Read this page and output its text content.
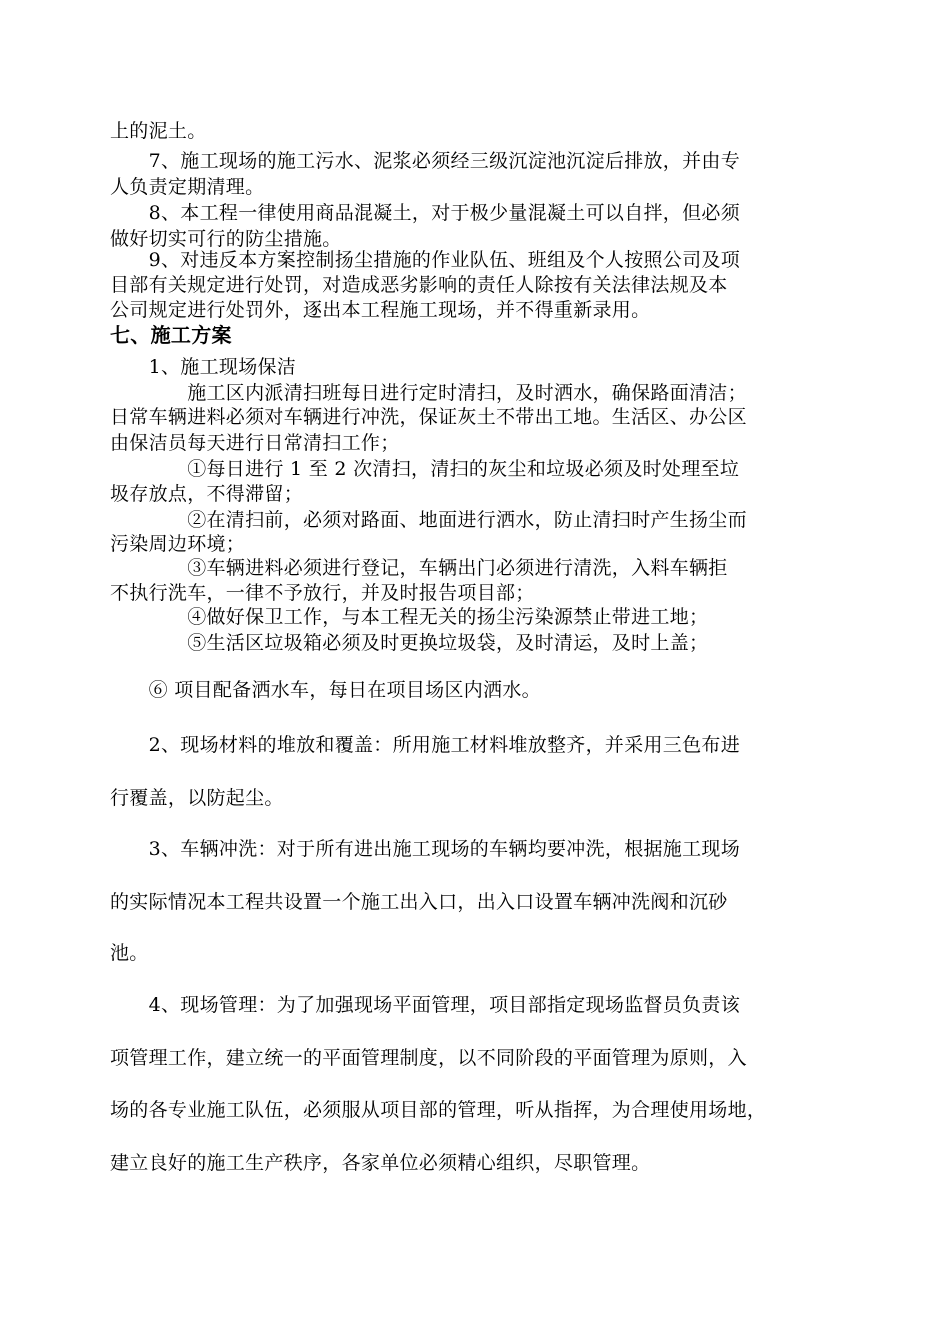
上的泥土。
　　7、施工现场的施工污水、泥浆必须经三级沉淀池沉淀后排放，并由专
人负责定期清理。
　　8、本工程一律使用商品混凝土，对于极少量混凝土可以自拌，但必须
做好切实可行的防尘措施。
　　9、对违反本方案控制扬尘措施的作业队伍、班组及个人按照公司及项
目部有关规定进行处罚，对造成恶劣影响的责任人除按有关法律法规及本
公司规定进行处罚外，逐出本工程施工现场，并不得重新录用。
七、施工方案
　　1、施工现场保洁
　　　　施工区内派清扫班每日进行定时清扫，及时洒水，确保路面清洁；
日常车辆进料必须对车辆进行冲洗，保证灰土不带出工地。生活区、办公区
由保洁员每天进行日常清扫工作；
　　　　①每日进行 1 至 2 次清扫，清扫的灰尘和垃圾必须及时处理至垃
圾存放点，不得滞留；
　　　　②在清扫前，必须对路面、地面进行洒水，防止清扫时产生扬尘而
污染周边环境；
　　　　③车辆进料必须进行登记，车辆出门必须进行清洗，入料车辆拒
不执行洗车，一律不予放行，并及时报告项目部；
　　　　④做好保卫工作，与本工程无关的扬尘污染源禁止带进工地；
　　　　⑤生活区垃圾箱必须及时更换垃圾袋，及时清运，及时上盖；
　　⑥ 项目配备洒水车，每日在项目场区内洒水。
　　2、现场材料的堆放和覆盖：所用施工材料堆放整齐，并采用三色布进
行覆盖，以防起尘。
　　3、车辆冲洗：对于所有进出施工现场的车辆均要冲洗，根据施工现场
的实际情况本工程共设置一个施工出入口，出入口设置车辆冲洗阀和沉砂
池。
　　4、现场管理：为了加强现场平面管理，项目部指定现场监督员负责该
项管理工作，建立统一的平面管理制度，以不同阶段的平面管理为原则，入
场的各专业施工队伍，必须服从项目部的管理，听从指挥，为合理使用场地，
建立良好的施工生产秩序，各家单位必须精心组织，尽职管理。
